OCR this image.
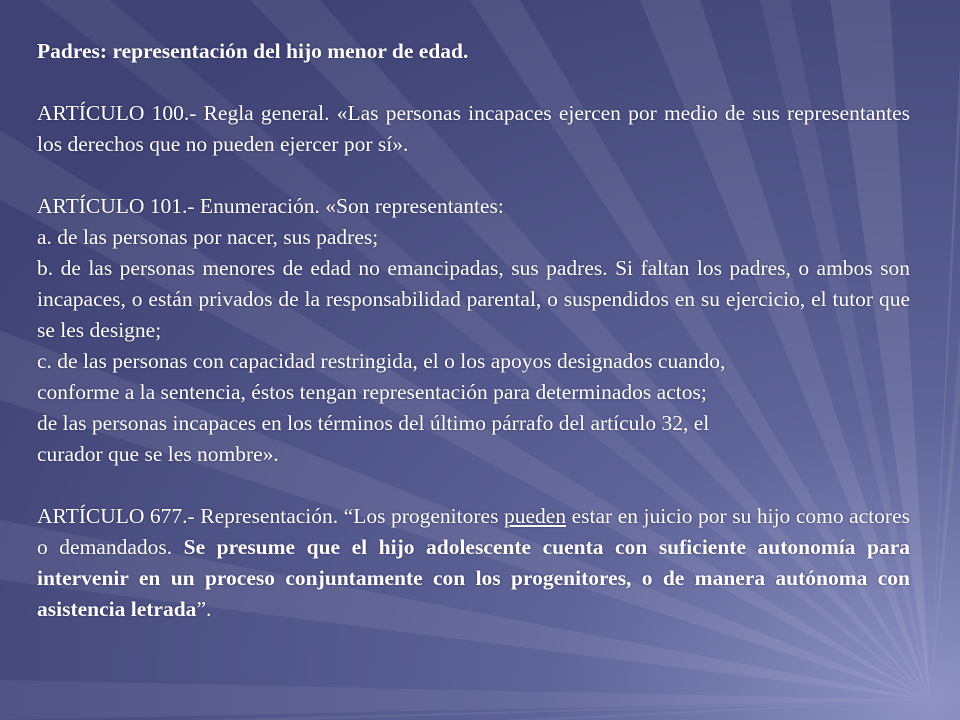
Padres: representación del hijo menor de edad.

ARTÍCULO 100.- Regla general. «Las personas incapaces ejercen por medio de sus representantes los derechos que no pueden ejercer por sí».

ARTÍCULO 101.- Enumeración. «Son representantes:

a. de las personas por nacer, sus padres;

b. de las personas menores de edad no emancipadas, sus padres. Si faltan los padres, o ambos son incapaces, o están privados de la responsabilidad parental, o suspendidos en su ejercicio, el tutor que se les designe;

c. de las personas con capacidad restringida, el o los apoyos designados cuando,

conforme a la sentencia, éstos tengan representación para determinados actos;

de las personas incapaces en los términos del último párrafo del artículo 32, el

curador que se les nombre».

ARTÍCULO 677.- Representación. “Los progenitores pueden estar en juicio por su hijo como actores o demandados. Se presume que el hijo adolescente cuenta con suficiente autonomía para intervenir en un proceso conjuntamente con los progenitores, o de manera autónoma con asistencia letrada”.
